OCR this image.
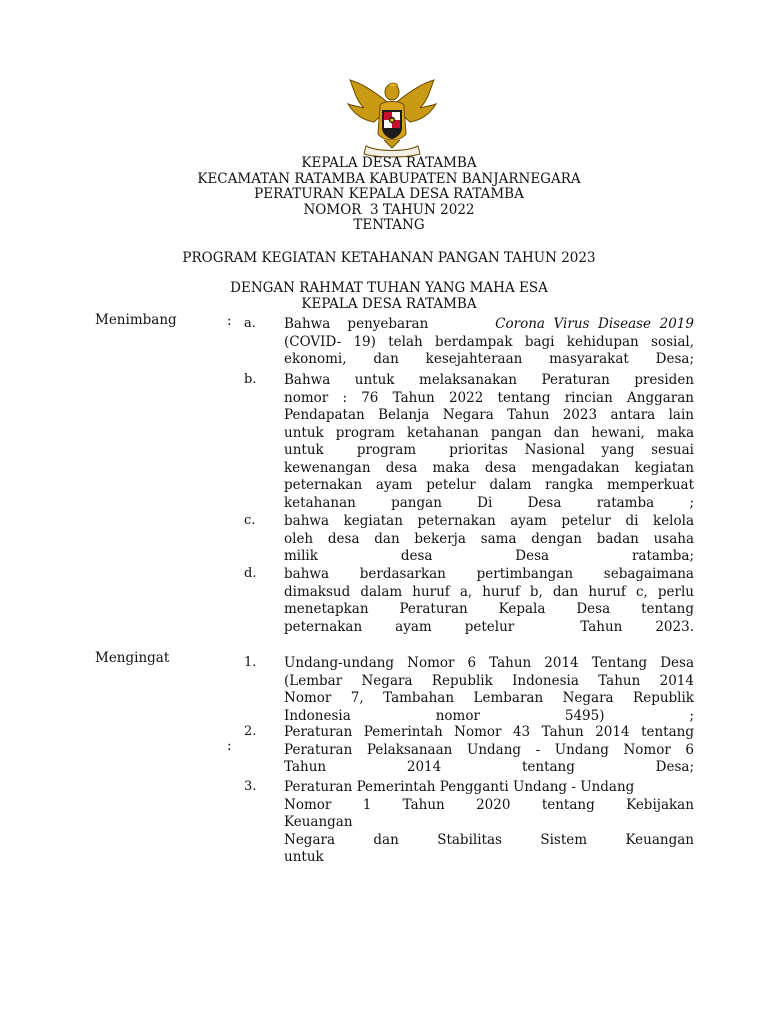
KEPALA DESA RATAMBA
KECAMATAN RATAMBA KABUPATEN BANJARNEGARA
PERATURAN KEPALA DESA RATAMBA
NOMOR  3 TAHUN 2022
TENTANG
PROGRAM KEGIATAN KETAHANAN PANGAN TAHUN 2023
DENGAN RAHMAT TUHAN YANG MAHA ESA
KEPALA DESA RATAMBA
Menimbang	: a. Bahwa    penyebaran	Corona  Virus  Disease  2019
(COVID- 19) telah berdampak bagi kehidupan sosial,
ekonomi, dan kesejahteraan masyarakat Desa;
b. Bahwa   untuk   melaksanakan   Peraturan   presiden
nomor : 76 Tahun 2022 tentang rincian Anggaran
Pendapatan Belanja Negara Tahun 2023 antara lain
untuk program ketahanan pangan dan hewani, maka
untuk    program    prioritas  Nasional  yang  sesuai
kewenangan desa maka desa mengadakan kegiatan
peternakan ayam petelur dalam rangka memperkuat
ketahanan pangan Di Desa ratamba ;
c. bahwa kegiatan peternakan ayam petelur di kelola
oleh desa dan bekerja sama dengan badan usaha
milik desa Desa ratamba;
d. bahwa    berdasarkan    pertimbangan    sebagaimana
dimaksud dalam huruf a, huruf b, dan huruf c, perlu
menetapkan    Peraturan    Kepala    Desa    tentang
peternakan ayam petelur  Tahun 2023.
Mengingat
:
1. Undang-undang Nomor 6 Tahun 2014 Tentang Desa
(Lembar Negara Republik Indonesia Tahun 2014
Nomor 7, Tambahan Lembaran Negara Republik
Indonesia nomor 5495) ;
2. Peraturan Pemerintah Nomor 43 Tahun 2014 tentang
Peraturan Pelaksanaan Undang - Undang Nomor 6
Tahun 2014 tentang Desa;
3. Peraturan Pemerintah Pengganti Undang - Undang
Nomor 1 Tahun 2020 tentang Kebijakan
Keuangan
Negara	dan	Stabilitas	Sistem	Keuangan
untuk
